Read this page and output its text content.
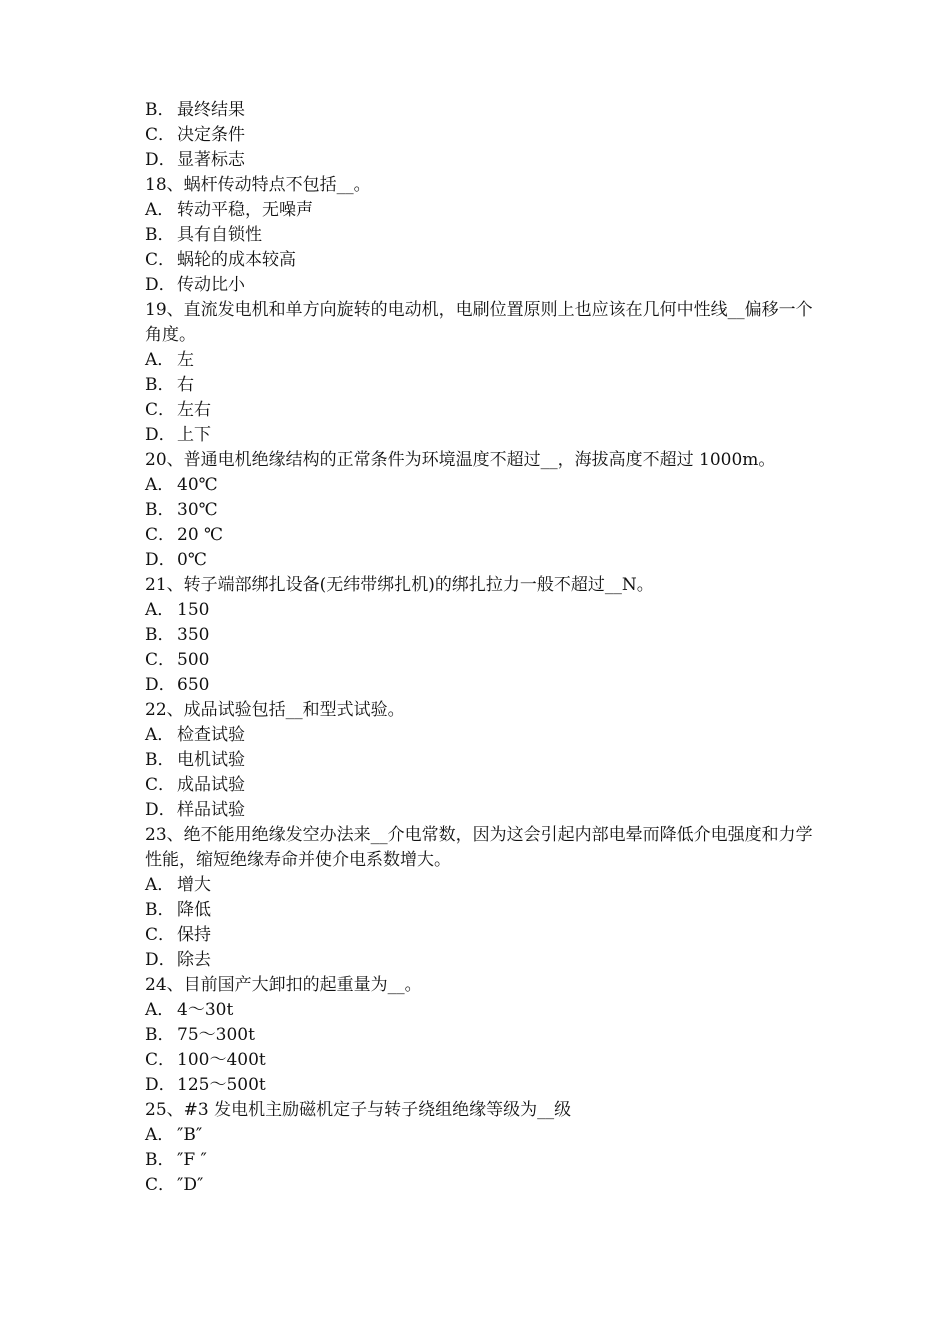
B． 最终结果
C． 决定条件
D．显著标志
18、蜗杆传动特点不包括__。
A． 转动平稳，无噪声
B． 具有自锁性
C． 蜗轮的成本较高
D．传动比小
19、直流发电机和单方向旋转的电动机，电刷位置原则上也应该在几何中性线__偏移一个角度。
A． 左
B． 右
C． 左右
D．上下
20、普通电机绝缘结构的正常条件为环境温度不超过__，海拔高度不超过 1000m。
A． 40℃
B． 30℃
C． 20 ℃
D．0℃
21、转子端部绑扎设备(无纬带绑扎机)的绑扎拉力一般不超过__N。
A． 150
B． 350
C． 500
D．650
22、成品试验包括__和型式试验。
A． 检查试验
B． 电机试验
C． 成品试验
D．样品试验
23、绝不能用绝缘发空办法来__介电常数，因为这会引起内部电晕而降低介电强度和力学性能，缩短绝缘寿命并使介电系数增大。
A． 增大
B． 降低
C． 保持
D．除去
24、目前国产大卸扣的起重量为__。
A． 4～30t
B． 75～300t
C． 100～400t
D．125～500t
25、#3 发电机主励磁机定子与转子绕组绝缘等级为__级
A． ″B″
B． ″F ″
C． ″D″
